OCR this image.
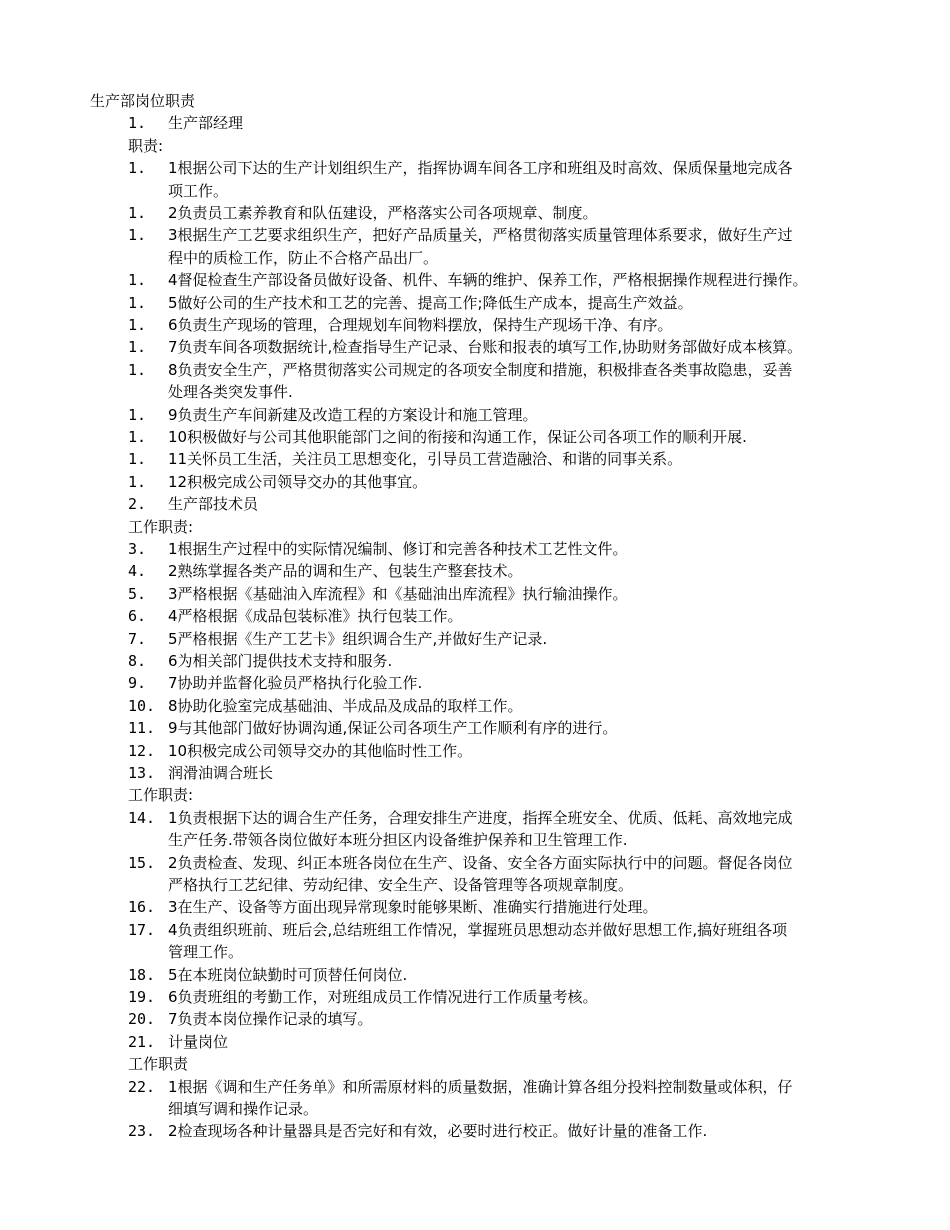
生产部岗位职责
1.	生产部经理
职责:
1.	1根据公司下达的生产计划组织生产，指挥协调车间各工序和班组及时高效、保质保量地完成各
项工作。
1.	2负责员工素养教育和队伍建设，严格落实公司各项规章、制度。
1.	3根据生产工艺要求组织生产，把好产品质量关，严格贯彻落实质量管理体系要求，做好生产过
程中的质检工作，防止不合格产品出厂。
1.	4督促检查生产部设备员做好设备、机件、车辆的维护、保养工作，严格根据操作规程进行操作。
1.	5做好公司的生产技术和工艺的完善、提高工作;降低生产成本，提高生产效益。
1.	6负责生产现场的管理，合理规划车间物料摆放，保持生产现场干净、有序。
1.	7负责车间各项数据统计,检查指导生产记录、台账和报表的填写工作,协助财务部做好成本核算。
1.	8负责安全生产，严格贯彻落实公司规定的各项安全制度和措施，积极排查各类事故隐患，妥善
处理各类突发事件.
1.	9负责生产车间新建及改造工程的方案设计和施工管理。
1.	10积极做好与公司其他职能部门之间的衔接和沟通工作，保证公司各项工作的顺利开展.
1.	11关怀员工生活，关注员工思想变化，引导员工营造融洽、和谐的同事关系。
1.	12积极完成公司领导交办的其他事宜。
2.	生产部技术员
工作职责:
3.	1根据生产过程中的实际情况编制、修订和完善各种技术工艺性文件。
4.	2熟练掌握各类产品的调和生产、包装生产整套技术。
5.	3严格根据《基础油入库流程》和《基础油出库流程》执行输油操作。
6.	4严格根据《成品包装标准》执行包装工作。
7.	5严格根据《生产工艺卡》组织调合生产,并做好生产记录.
8.	6为相关部门提供技术支持和服务.
9.	7协助并监督化验员严格执行化验工作.
10. 8协助化验室完成基础油、半成品及成品的取样工作。
11. 9与其他部门做好协调沟通,保证公司各项生产工作顺利有序的进行。
12. 10积极完成公司领导交办的其他临时性工作。
13. 润滑油调合班长
工作职责:
14. 1负责根据下达的调合生产任务，合理安排生产进度，指挥全班安全、优质、低耗、高效地完成
生产任务.带领各岗位做好本班分担区内设备维护保养和卫生管理工作.
15. 2负责检查、发现、纠正本班各岗位在生产、设备、安全各方面实际执行中的问题。督促各岗位
严格执行工艺纪律、劳动纪律、安全生产、设备管理等各项规章制度。
16. 3在生产、设备等方面出现异常现象时能够果断、准确实行措施进行处理。
17. 4负责组织班前、班后会,总结班组工作情况，掌握班员思想动态并做好思想工作,搞好班组各项
管理工作。
18. 5在本班岗位缺勤时可顶替任何岗位.
19. 6负责班组的考勤工作，对班组成员工作情况进行工作质量考核。
20. 7负责本岗位操作记录的填写。
21. 计量岗位
工作职责
22. 1根据《调和生产任务单》和所需原材料的质量数据，准确计算各组分投料控制数量或体积，仔
细填写调和操作记录。
23. 2检查现场各种计量器具是否完好和有效，必要时进行校正。做好计量的准备工作.
